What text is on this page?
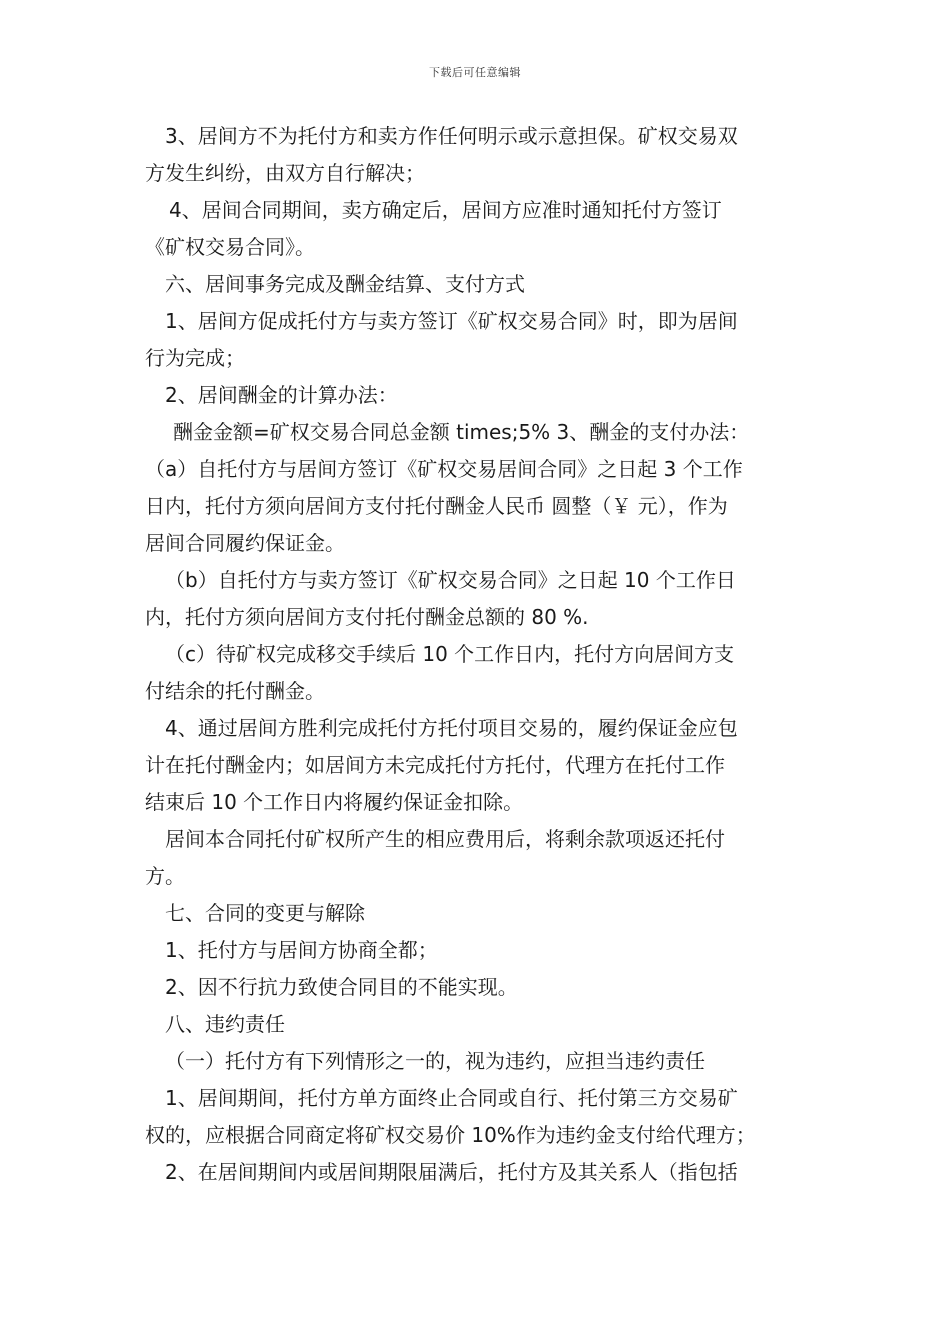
下载后可任意编辑
3、居间方不为托付方和卖方作任何明示或示意担保。矿权交易双
方发生纠纷，由双方自行解决；
4、居间合同期间，卖方确定后，居间方应准时通知托付方签订
《矿权交易合同》。
六、居间事务完成及酬金结算、支付方式
1、居间方促成托付方与卖方签订《矿权交易合同》时，即为居间
行为完成；
2、居间酬金的计算办法：
酬金金额=矿权交易合同总金额 times;5% 3、酬金的支付办法：
（a）自托付方与居间方签订《矿权交易居间合同》之日起 3 个工作
日内，托付方须向居间方支付托付酬金人民币 圆整（￥ 元），作为
居间合同履约保证金。
（b）自托付方与卖方签订《矿权交易合同》之日起 10 个工作日
内，托付方须向居间方支付托付酬金总额的 80 %.
（c）待矿权完成移交手续后 10 个工作日内，托付方向居间方支
付结余的托付酬金。
4、通过居间方胜利完成托付方托付项目交易的，履约保证金应包
计在托付酬金内；如居间方未完成托付方托付，代理方在托付工作
结束后 10 个工作日内将履约保证金扣除。
居间本合同托付矿权所产生的相应费用后，将剩余款项返还托付
方。
七、合同的变更与解除
1、托付方与居间方协商全都；
2、因不行抗力致使合同目的不能实现。
八、违约责任
（一）托付方有下列情形之一的，视为违约，应担当违约责任
1、居间期间，托付方单方面终止合同或自行、托付第三方交易矿
权的，应根据合同商定将矿权交易价 10%作为违约金支付给代理方；
2、在居间期间内或居间期限届满后，托付方及其关系人（指包括
